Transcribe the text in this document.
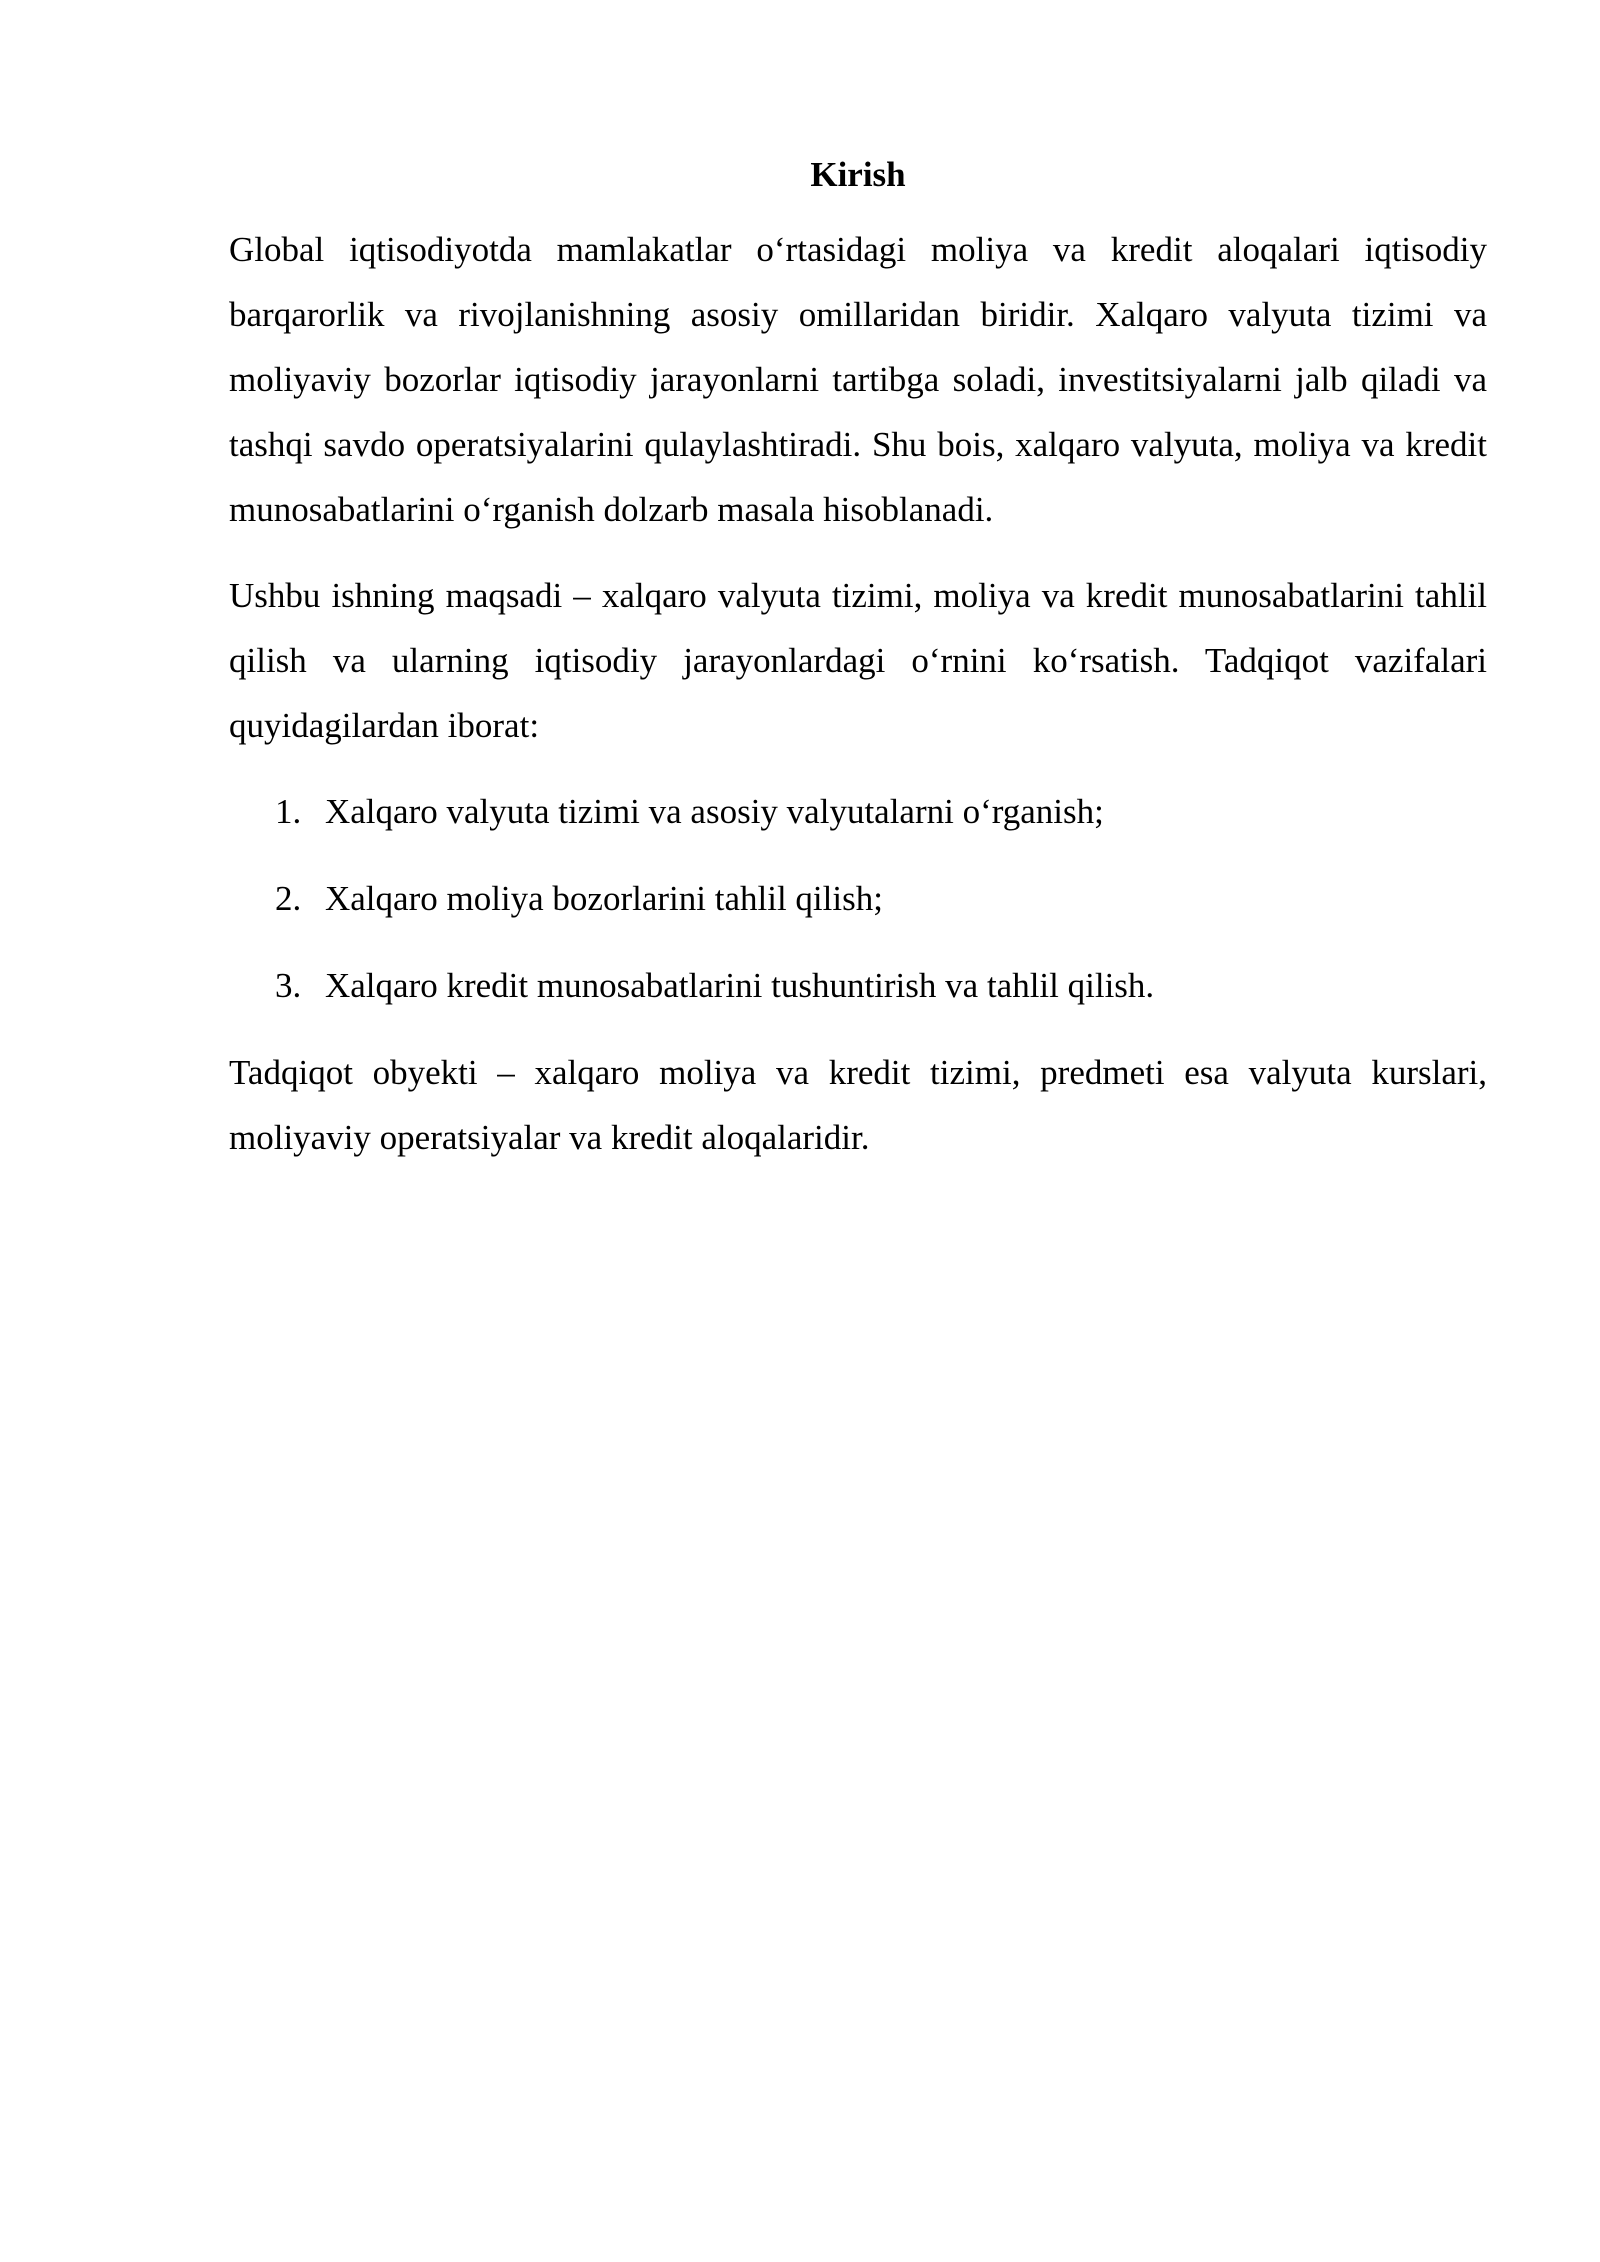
Kirish

Global iqtisodiyotda mamlakatlar o‘rtasidagi moliya va kredit aloqalari iqtisodiy barqarorlik va rivojlanishning asosiy omillaridan biridir. Xalqaro valyuta tizimi va moliyaviy bozorlar iqtisodiy jarayonlarni tartibga soladi, investitsiyalarni jalb qiladi va tashqi savdo operatsiyalarini qulaylashtiradi. Shu bois, xalqaro valyuta, moliya va kredit munosabatlarini o‘rganish dolzarb masala hisoblanadi.

Ushbu ishning maqsadi – xalqaro valyuta tizimi, moliya va kredit munosabatlarini tahlil qilish va ularning iqtisodiy jarayonlardagi o‘rnini ko‘rsatish. Tadqiqot vazifalari quyidagilardan iborat:

1. Xalqaro valyuta tizimi va asosiy valyutalarni o‘rganish;
2. Xalqaro moliya bozorlarini tahlil qilish;
3. Xalqaro kredit munosabatlarini tushuntirish va tahlil qilish.

Tadqiqot obyekti – xalqaro moliya va kredit tizimi, predmeti esa valyuta kurslari, moliyaviy operatsiyalar va kredit aloqalaridir.
